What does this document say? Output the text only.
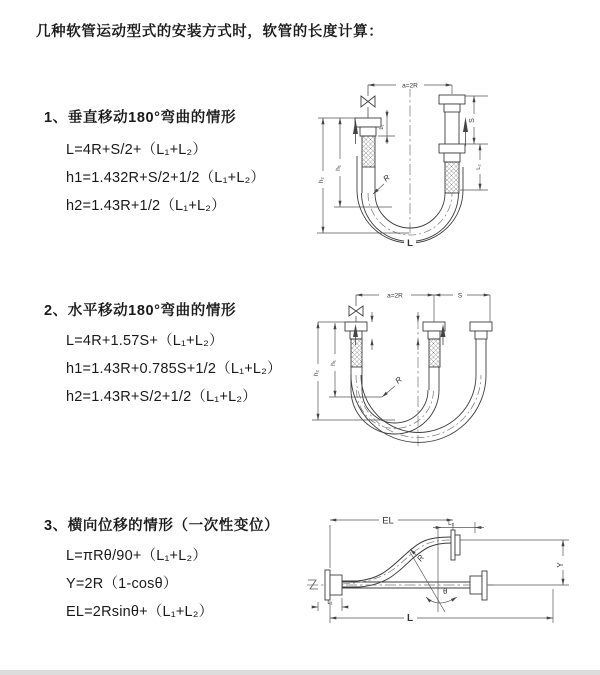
几种软管运动型式的安装方式时，软管的长度计算：
1、垂直移动180°弯曲的情形
L=4R+S/2+（L₁+L₂）
h1=1.432R+S/2+1/2（L₁+L₂）
h2=1.43R+1/2（L₁+L₂）
2、水平移动180°弯曲的情形
L=4R+1.57S+（L₁+L₂）
h1=1.43R+0.785S+1/2（L₁+L₂）
h2=1.43R+S/2+1/2（L₁+L₂）
3、横向位移的情形（一次性变位）
L=πRθ/90+（L₁+L₂）
Y=2R（1-cosθ）
EL=2Rsinθ+（L₁+L₂）
a=2R
L₁
h₁
h₂
S
L₂
R
L
a=2R	S
h₁
h₂
R
EL	L₂
Y
L
L₁
R
θ
